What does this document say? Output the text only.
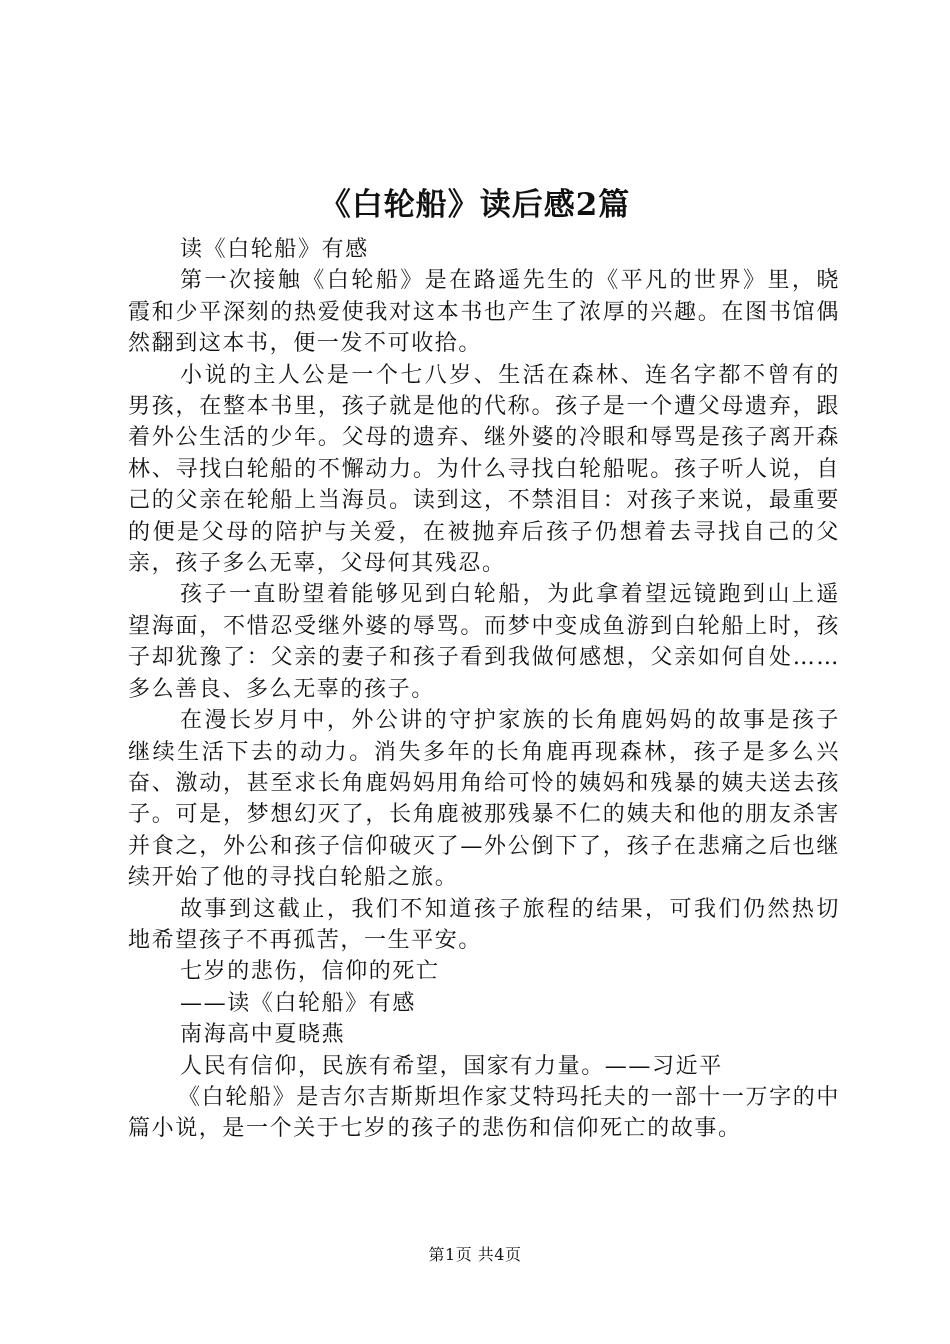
《白轮船》读后感2篇

读《白轮船》有感

第一次接触《白轮船》是在路遥先生的《平凡的世界》里，晓霞和少平深刻的热爱使我对这本书也产生了浓厚的兴趣。在图书馆偶然翻到这本书，便一发不可收拾。

小说的主人公是一个七八岁、生活在森林、连名字都不曾有的男孩，在整本书里，孩子就是他的代称。孩子是一个遭父母遗弃，跟着外公生活的少年。父母的遗弃、继外婆的冷眼和辱骂是孩子离开森林、寻找白轮船的不懈动力。为什么寻找白轮船呢。孩子听人说，自己的父亲在轮船上当海员。读到这，不禁泪目：对孩子来说，最重要的便是父母的陪护与关爱，在被抛弃后孩子仍想着去寻找自己的父亲，孩子多么无辜，父母何其残忍。

孩子一直盼望着能够见到白轮船，为此拿着望远镜跑到山上遥望海面，不惜忍受继外婆的辱骂。而梦中变成鱼游到白轮船上时，孩子却犹豫了：父亲的妻子和孩子看到我做何感想，父亲如何自处……多么善良、多么无辜的孩子。

在漫长岁月中，外公讲的守护家族的长角鹿妈妈的故事是孩子继续生活下去的动力。消失多年的长角鹿再现森林，孩子是多么兴奋、激动，甚至求长角鹿妈妈用角给可怜的姨妈和残暴的姨夫送去孩子。可是，梦想幻灭了，长角鹿被那残暴不仁的姨夫和他的朋友杀害并食之，外公和孩子信仰破灭了—外公倒下了，孩子在悲痛之后也继续开始了他的寻找白轮船之旅。

故事到这截止，我们不知道孩子旅程的结果，可我们仍然热切地希望孩子不再孤苦，一生平安。

七岁的悲伤，信仰的死亡

——读《白轮船》有感

南海高中夏晓燕

人民有信仰，民族有希望，国家有力量。——习近平

《白轮船》是吉尔吉斯斯坦作家艾特玛托夫的一部十一万字的中篇小说，是一个关于七岁的孩子的悲伤和信仰死亡的故事。

第1页 共4页
